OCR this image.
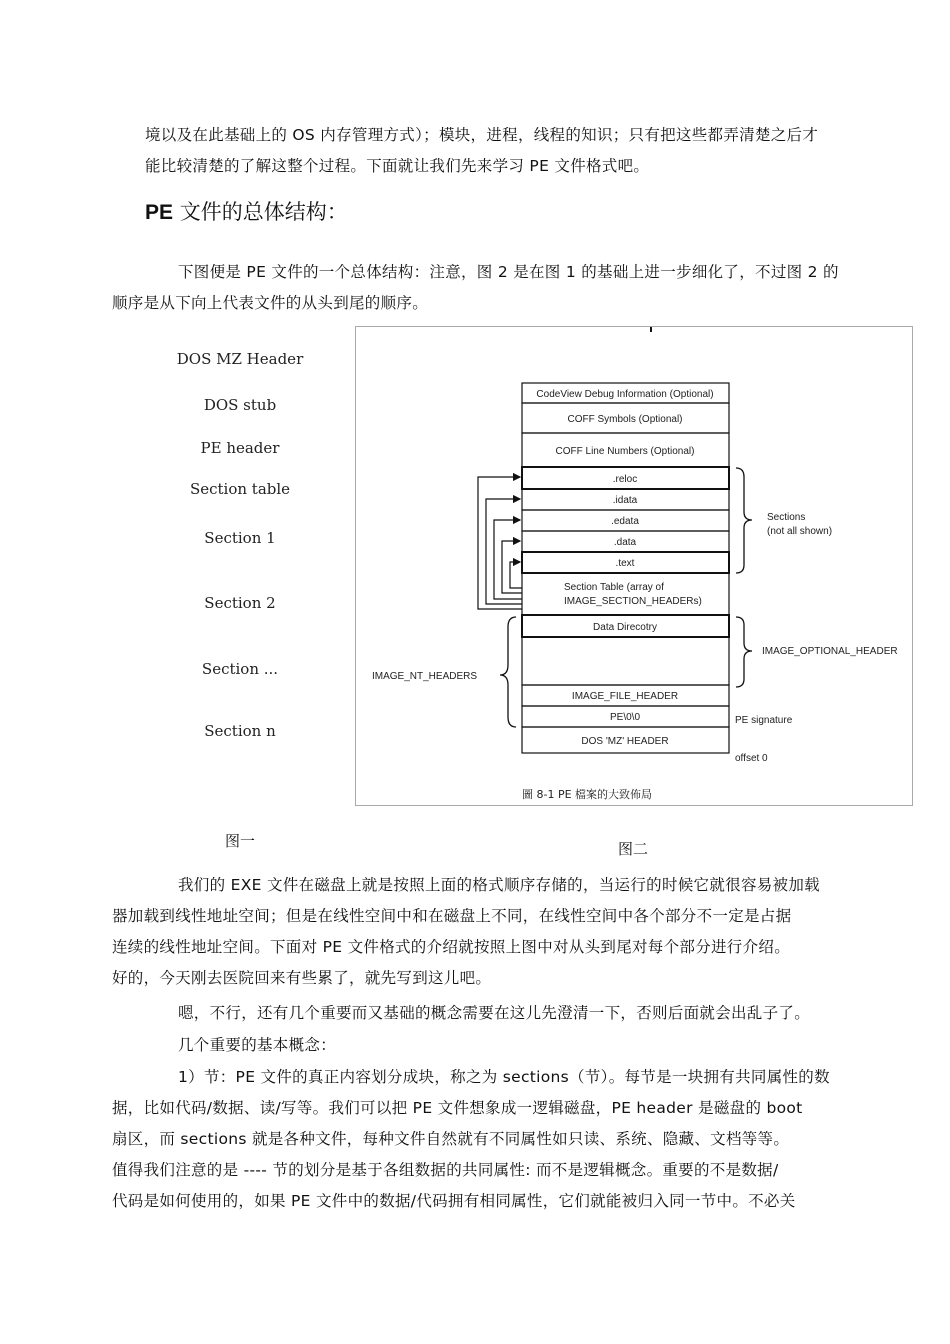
境以及在此基础上的 OS 内存管理方式）；模块，进程，线程的知识；只有把这些都弄清楚之后才
能比较清楚的了解这整个过程。下面就让我们先来学习 PE 文件格式吧。
PE 文件的总体结构：
下图便是 PE 文件的一个总体结构：注意，图 2 是在图 1 的基础上进一步细化了，不过图 2 的
顺序是从下向上代表文件的从头到尾的顺序。
DOS MZ Header
DOS stub
PE header
Section table
Section 1
Section 2
Section ...
Section n
图一
CodeView Debug Information (Optional)
COFF Symbols (Optional)
COFF Line Numbers (Optional)
.reloc
.idata
.edata
.data
.text
Data Direcotry
IMAGE_FILE_HEADER
PE\0\0
DOS 'MZ' HEADER
Section Table (array of
IMAGE_SECTION_HEADERs)
Sections
(not all shown)
IMAGE_OPTIONAL_HEADER
IMAGE_NT_HEADERS
PE signature
offset 0
圖 8-1 PE 檔案的大致佈局
图二
我们的 EXE 文件在磁盘上就是按照上面的格式顺序存储的，当运行的时候它就很容易被加载
器加载到线性地址空间；但是在线性空间中和在磁盘上不同，在线性空间中各个部分不一定是占据
连续的线性地址空间。下面对 PE 文件格式的介绍就按照上图中对从头到尾对每个部分进行介绍。
好的，今天刚去医院回来有些累了，就先写到这儿吧。
嗯，不行，还有几个重要而又基础的概念需要在这儿先澄清一下，否则后面就会出乱子了。
几个重要的基本概念：
1）节：PE 文件的真正内容划分成块，称之为 sections（节）。每节是一块拥有共同属性的数
据，比如代码/数据、读/写等。我们可以把 PE 文件想象成一逻辑磁盘，PE header 是磁盘的 boot
扇区，而 sections 就是各种文件，每种文件自然就有不同属性如只读、系统、隐藏、文档等等。
值得我们注意的是 ---- 节的划分是基于各组数据的共同属性: 而不是逻辑概念。重要的不是数据/
代码是如何使用的，如果 PE 文件中的数据/代码拥有相同属性，它们就能被归入同一节中。不必关
